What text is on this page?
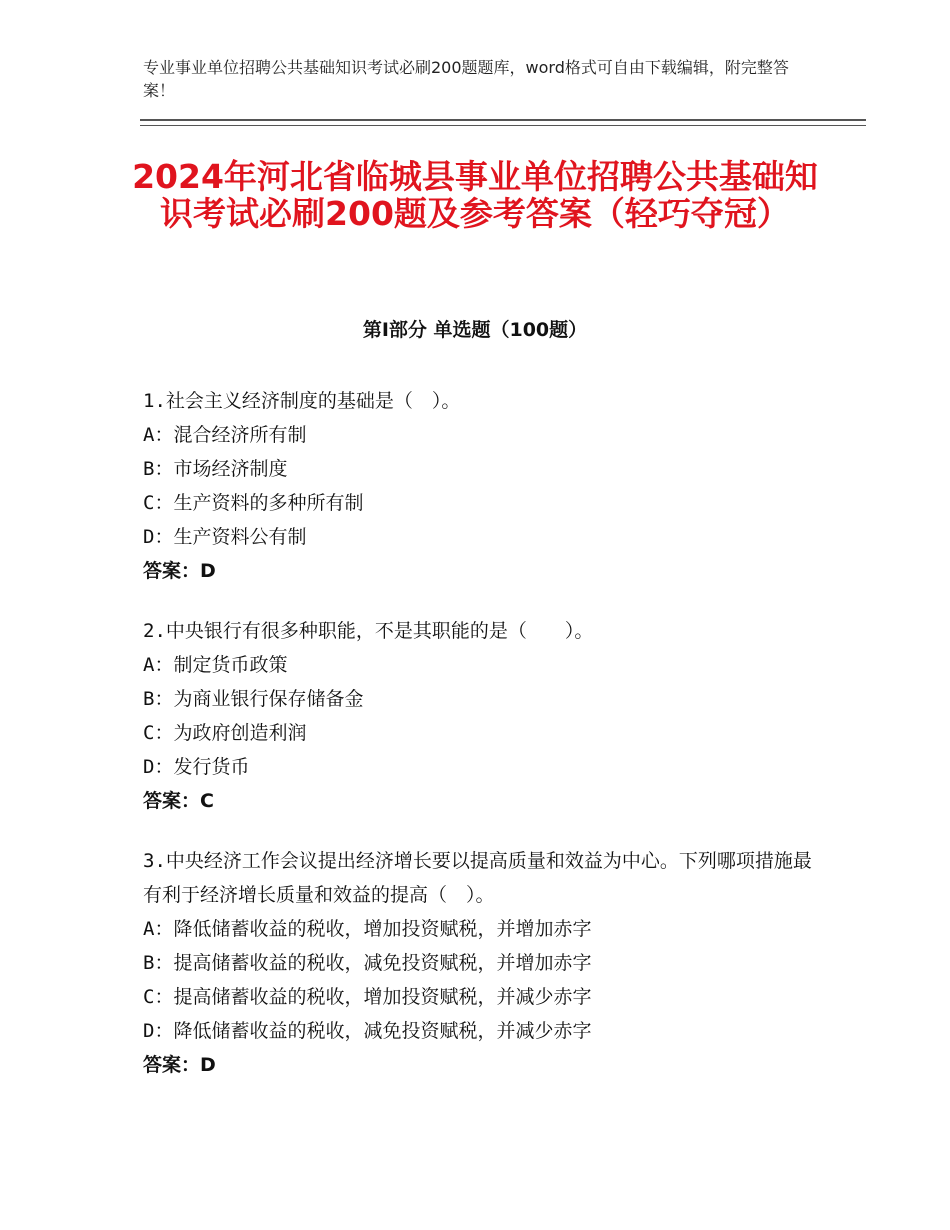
专业事业单位招聘公共基础知识考试必刷200题题库，word格式可自由下载编辑，附完整答案！
2024年河北省临城县事业单位招聘公共基础知识考试必刷200题及参考答案（轻巧夺冠）
第Ⅰ部分 单选题（100题）
1.社会主义经济制度的基础是（　）。
A：混合经济所有制
B：市场经济制度
C：生产资料的多种所有制
D：生产资料公有制
答案：D
2.中央银行有很多种职能，不是其职能的是（　　）。
A：制定货币政策
B：为商业银行保存储备金
C：为政府创造利润
D：发行货币
答案：C
3.中央经济工作会议提出经济增长要以提高质量和效益为中心。下列哪项措施最有利于经济增长质量和效益的提高（　）。
A：降低储蓄收益的税收，增加投资赋税，并增加赤字
B：提高储蓄收益的税收，减免投资赋税，并增加赤字
C：提高储蓄收益的税收，增加投资赋税，并减少赤字
D：降低储蓄收益的税收，减免投资赋税，并减少赤字
答案：D
